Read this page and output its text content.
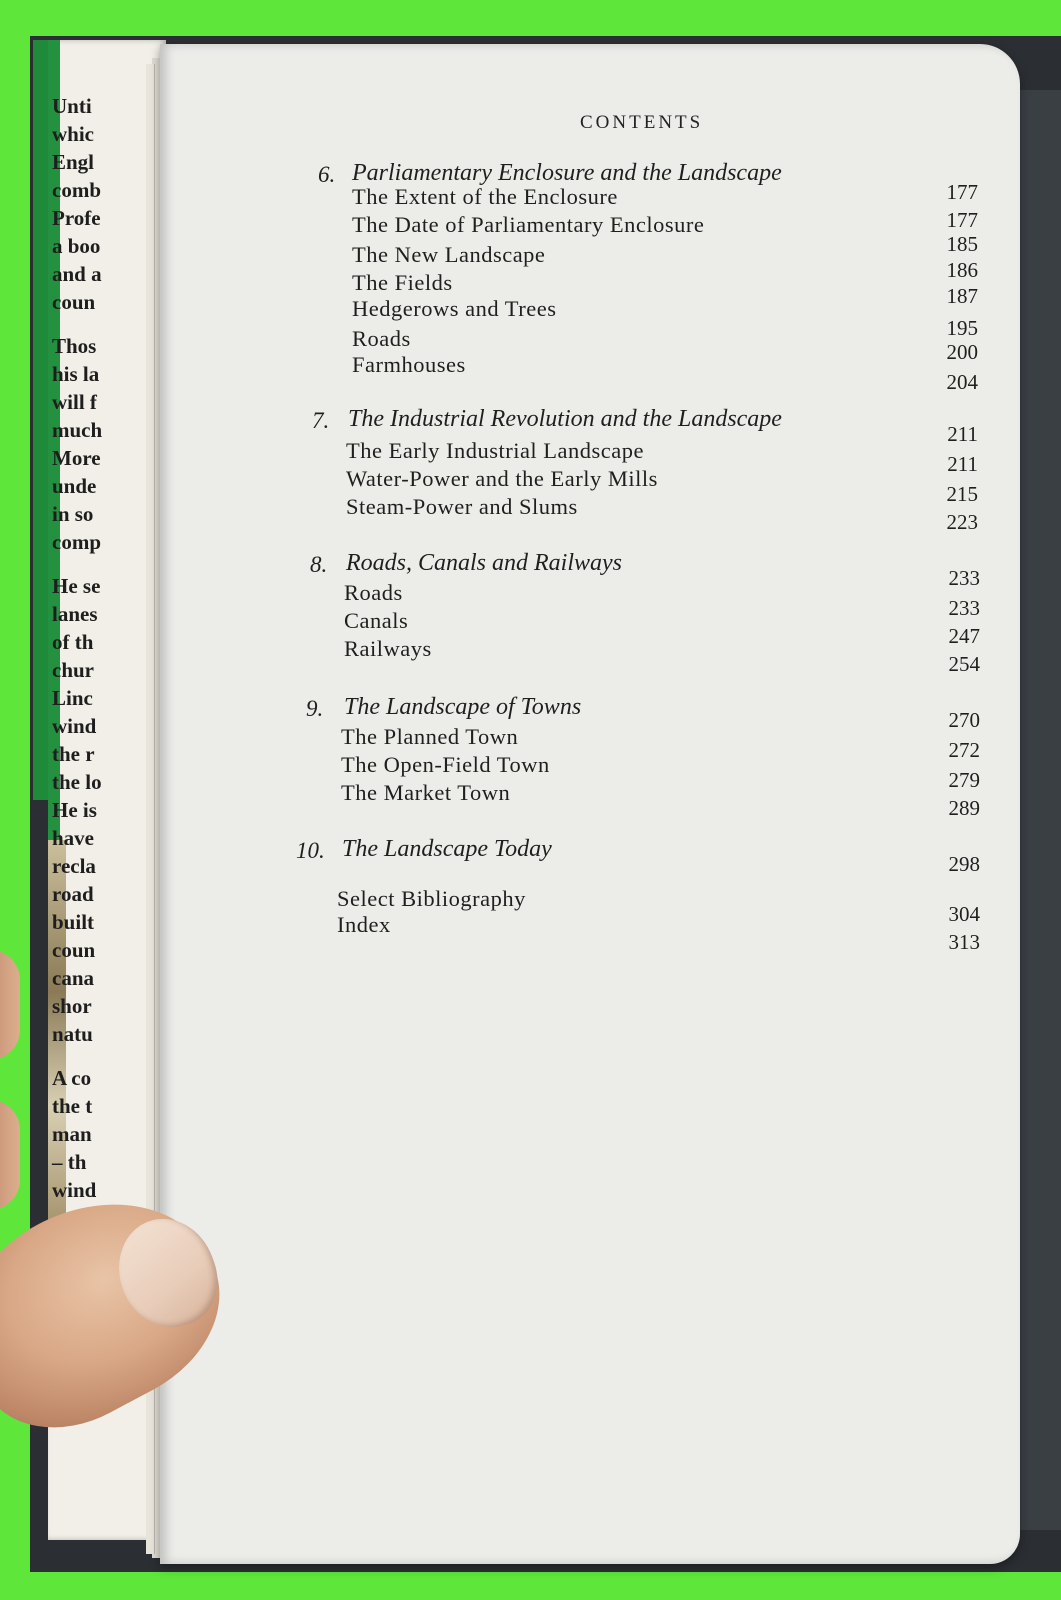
Unti
whic
Engl
comb
Profe
a boo
and a
coun
Thos
his la
will f
much
More
unde
in so
comp
He se
lanes
of th
chur
Linc
wind
the r
the lo
He is
have
recla
road
built
coun
cana
shor
natu
A co
the t
man
– th
wind
CONTENTS
6. Parliamentary Enclosure and the Landscape
177
The Extent of the Enclosure
177
The Date of Parliamentary Enclosure
185
The New Landscape
186
The Fields
187
Hedgerows and Trees
195
Roads
200
Farmhouses
204
7. The Industrial Revolution and the Landscape
211
The Early Industrial Landscape
211
Water-Power and the Early Mills
215
Steam-Power and Slums
223
8. Roads, Canals and Railways
233
Roads
233
Canals
247
Railways
254
9. The Landscape of Towns	270
The Planned Town
272
The Open-Field Town
279
The Market Town
289
10. The Landscape Today
298
Select Bibliography
304
Index
313
